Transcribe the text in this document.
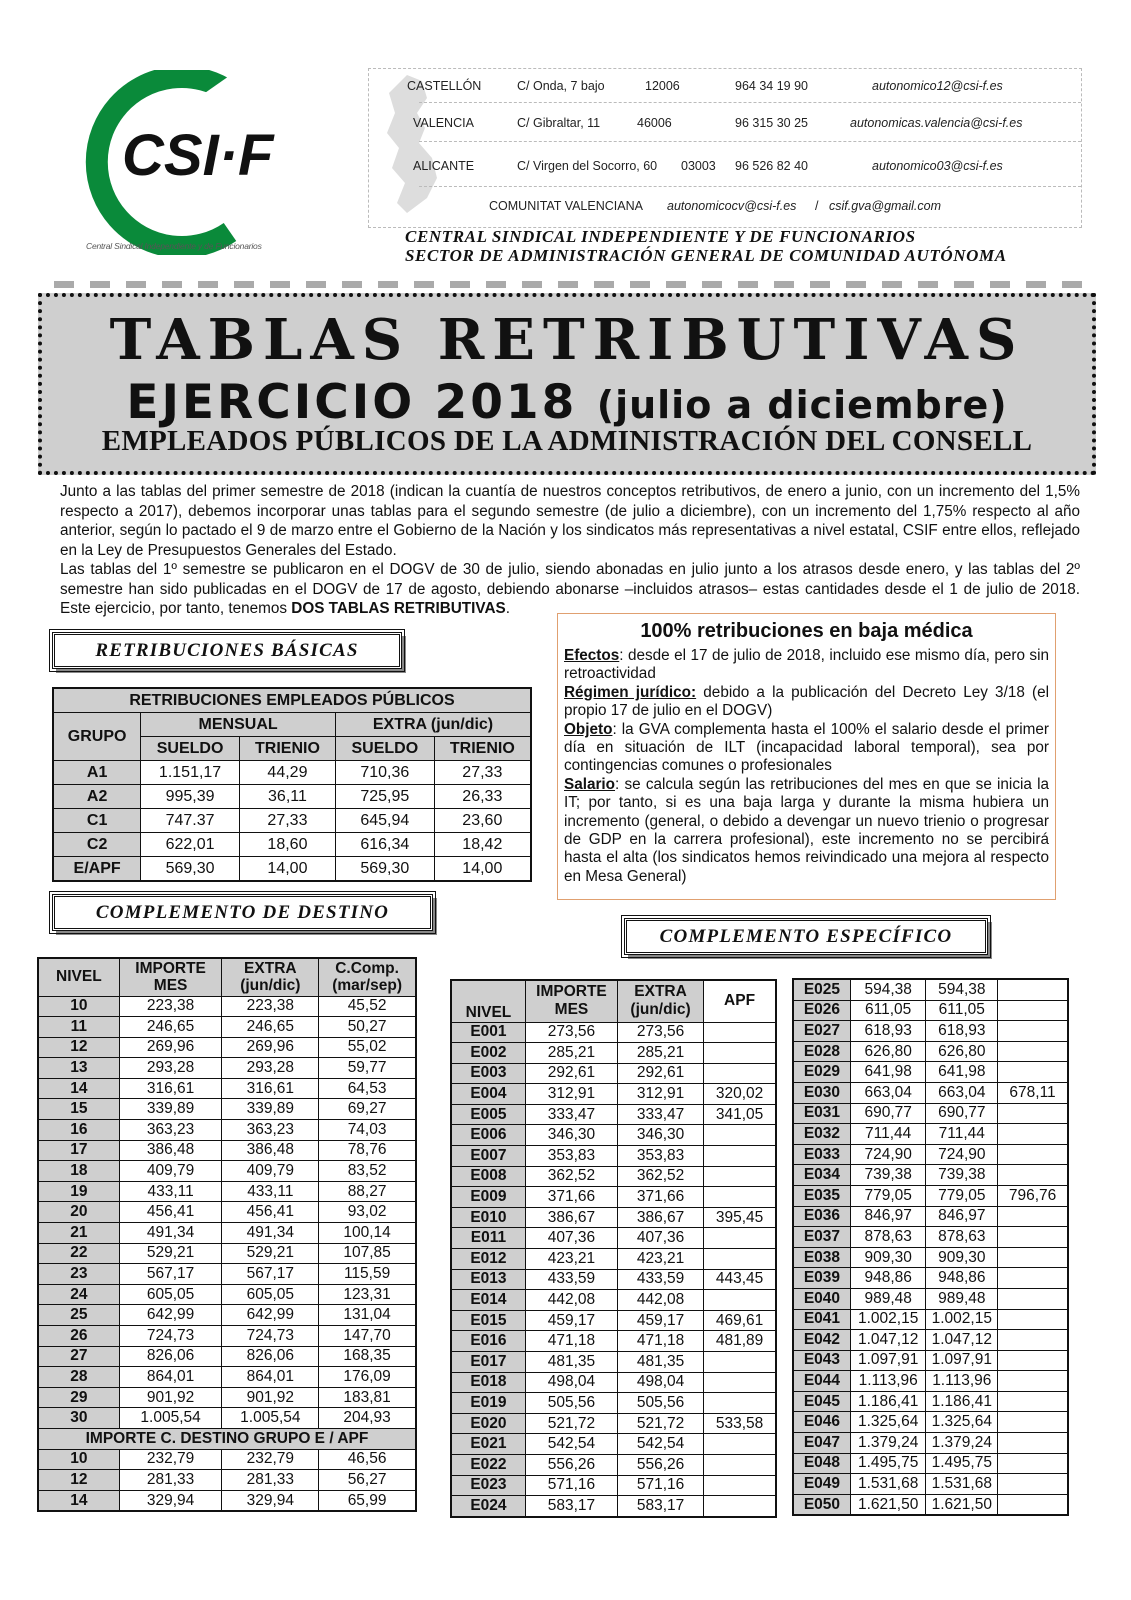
CSI·F
Central Sindical Independiente y de Funcionarios
CASTELLÓN	C/ Onda, 7 bajo	12006	964 34 19 90	autonomico12@csi-f.es
VALENCIA	C/ Gibraltar, 11	46006	96 315 30 25	autonomicas.valencia@csi-f.es
ALICANTE	C/ Virgen del Socorro, 60 03003 96 526 82 40	autonomico03@csi-f.es
COMUNITAT VALENCIANA autonomicocv@csi-f.es / csif.gva@gmail.com
CENTRAL SINDICAL INDEPENDIENTE Y DE FUNCIONARIOS
SECTOR DE ADMINISTRACIÓN GENERAL DE COMUNIDAD AUTÓNOMA
TABLAS RETRIBUTIVAS
EJERCICIO 2018 (julio a diciembre)
EMPLEADOS PÚBLICOS DE LA ADMINISTRACIÓN DEL CONSELL

Junto a las tablas del primer semestre de 2018 (indican la cuantía de nuestros conceptos retributivos, de enero a junio, con un incremento del 1,5% respecto a 2017), debemos incorporar unas tablas para el segundo semestre (de julio a diciembre), con un incremento del 1,75% respecto al año anterior, según lo pactado el 9 de marzo entre el Gobierno de la Nación y los sindicatos más representativas a nivel estatal, CSIF entre ellos, reflejado en la Ley de Presupuestos Generales del Estado.

Las tablas del 1º semestre se publicaron en el DOGV de 30 de julio, siendo abonadas en julio junto a los atrasos desde enero, y las tablas del 2º semestre han sido publicadas en el DOGV de 17 de agosto, debiendo abonarse –incluidos atrasos– estas cantidades desde el 1 de julio de 2018. Este ejercicio, por tanto, tenemos DOS TABLAS RETRIBUTIVAS.

RETRIBUCIONES BÁSICAS
COMPLEMENTO DE DESTINO
COMPLEMENTO ESPECÍFICO
RETRIBUCIONES EMPLEADOS PÚBLICOS				
GRUPO	MENSUAL		EXTRA (jun/dic)	
	SUELDO	TRIENIO	SUELDO	TRIENIO
A1	1.151,17	44,29	710,36	27,33
A2	995,39	36,11	725,95	26,33
C1	747.37	27,33	645,94	23,60
C2	622,01	18,60	616,34	18,42
E/APF	569,30	14,00	569,30	14,00
100% retribuciones en baja médica

Efectos: desde el 17 de julio de 2018, incluido ese mismo día, pero sin retroactividad

Régimen jurídico: debido a la publicación del Decreto Ley 3/18 (el propio 17 de julio en el DOGV)

Objeto: la GVA complementa hasta el 100% el salario desde el primer día en situación de ILT (incapacidad laboral temporal), sea por contingencias comunes o profesionales

Salario: se calcula según las retribuciones del mes en que se inicia la IT; por tanto, si es una baja larga y durante la misma hubiera un incremento (general, o debido a devengar un nuevo trienio o progresar de GDP en la carrera profesional), este incremento no se percibirá hasta el alta (los sindicatos hemos reivindicado una mejora al respecto en Mesa General)

NIVEL	IMPORTE MES	EXTRA (jun/dic)	C.Comp. (mar/sep)
10	223,38	223,38	45,52
11	246,65	246,65	50,27
12	269,96	269,96	55,02
13	293,28	293,28	59,77
14	316,61	316,61	64,53
15	339,89	339,89	69,27
16	363,23	363,23	74,03
17	386,48	386,48	78,76
18	409,79	409,79	83,52
19	433,11	433,11	88,27
20	456,41	456,41	93,02
21	491,34	491,34	100,14
22	529,21	529,21	107,85
23	567,17	567,17	115,59
24	605,05	605,05	123,31
25	642,99	642,99	131,04
26	724,73	724,73	147,70
27	826,06	826,06	168,35
28	864,01	864,01	176,09
29	901,92	901,92	183,81
30	1.005,54	1.005,54	204,93
IMPORTE C. DESTINO GRUPO E / APF			
10	232,79	232,79	46,56
12	281,33	281,33	56,27
14	329,94	329,94	65,99
NIVEL	IMPORTE MES	EXTRA (jun/dic)	APF
E001	273,56	273,56	
E002	285,21	285,21	
E003	292,61	292,61	
E004	312,91	312,91	320,02
E005	333,47	333,47	341,05
E006	346,30	346,30	
E007	353,83	353,83	
E008	362,52	362,52	
E009	371,66	371,66	
E010	386,67	386,67	395,45
E011	407,36	407,36	
E012	423,21	423,21	
E013	433,59	433,59	443,45
E014	442,08	442,08	
E015	459,17	459,17	469,61
E016	471,18	471,18	481,89
E017	481,35	481,35	
E018	498,04	498,04	
E019	505,56	505,56	
E020	521,72	521,72	533,58
E021	542,54	542,54	
E022	556,26	556,26	
E023	571,16	571,16	
E024	583,17	583,17	
E025	594,38	594,38	
E026	611,05	611,05	
E027	618,93	618,93	
E028	626,80	626,80	
E029	641,98	641,98	
E030	663,04	663,04	678,11
E031	690,77	690,77	
E032	711,44	711,44	
E033	724,90	724,90	
E034	739,38	739,38	
E035	779,05	779,05	796,76
E036	846,97	846,97	
E037	878,63	878,63	
E038	909,30	909,30	
E039	948,86	948,86	
E040	989,48	989,48	
E041	1.002,15	1.002,15	
E042	1.047,12	1.047,12	
E043	1.097,91	1.097,91	
E044	1.113,96	1.113,96	
E045	1.186,41	1.186,41	
E046	1.325,64	1.325,64	
E047	1.379,24	1.379,24	
E048	1.495,75	1.495,75	
E049	1.531,68	1.531,68	
E050	1.621,50	1.621,50	
